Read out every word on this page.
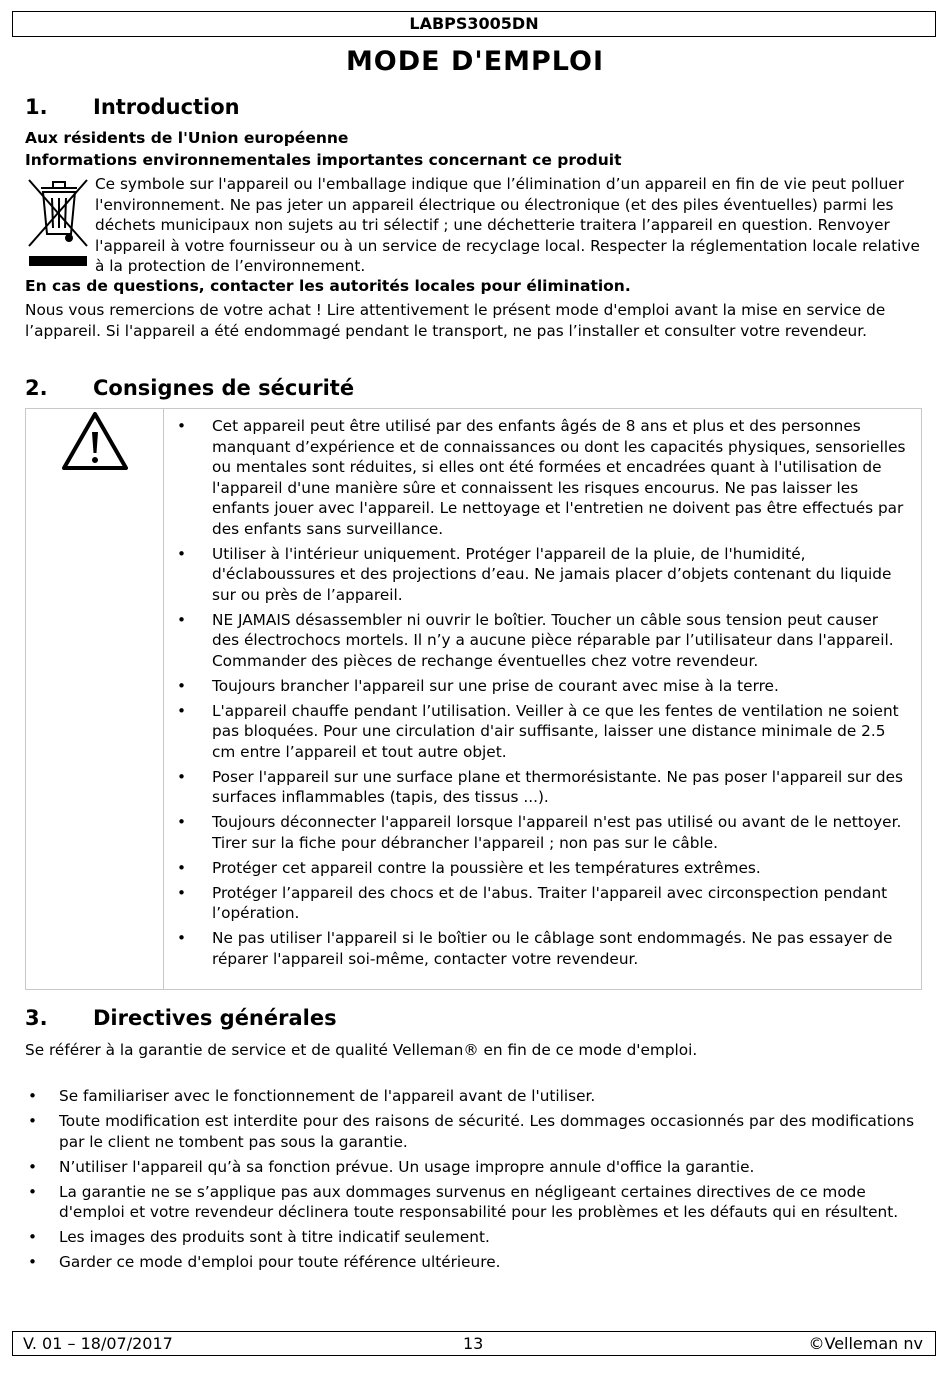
LABPS3005DN
MODE D'EMPLOI
1. Introduction
Aux résidents de l'Union européenne
Informations environnementales importantes concernant ce produit
Ce symbole sur l'appareil ou l'emballage indique que l’élimination d’un appareil en fin de vie peut polluer l'environnement. Ne pas jeter un appareil électrique ou électronique (et des piles éventuelles) parmi les déchets municipaux non sujets au tri sélectif ; une déchetterie traitera l’appareil en question. Renvoyer l'appareil à votre fournisseur ou à un service de recyclage local. Respecter la réglementation locale relative à la protection de l’environnement.
En cas de questions, contacter les autorités locales pour élimination.
Nous vous remercions de votre achat ! Lire attentivement le présent mode d'emploi avant la mise en service de l’appareil. Si l'appareil a été endommagé pendant le transport, ne pas l’installer et consulter votre revendeur.
2. Consignes de sécurité

• Cet appareil peut être utilisé par des enfants âgés de 8 ans et plus et des personnes manquant d’expérience et de connaissances ou dont les capacités physiques, sensorielles ou mentales sont réduites, si elles ont été formées et encadrées quant à l'utilisation de l'appareil d'une manière sûre et connaissent les risques encourus. Ne pas laisser les enfants jouer avec l'appareil. Le nettoyage et l'entretien ne doivent pas être effectués par des enfants sans surveillance.
• Utiliser à l'intérieur uniquement. Protéger l'appareil de la pluie, de l'humidité, d'éclaboussures et des projections d’eau. Ne jamais placer d’objets contenant du liquide sur ou près de l’appareil.
• NE JAMAIS désassembler ni ouvrir le boîtier. Toucher un câble sous tension peut causer des électrochocs mortels. Il n’y a aucune pièce réparable par l’utilisateur dans l'appareil. Commander des pièces de rechange éventuelles chez votre revendeur.
• Toujours brancher l'appareil sur une prise de courant avec mise à la terre.
• L'appareil chauffe pendant l’utilisation. Veiller à ce que les fentes de ventilation ne soient pas bloquées. Pour une circulation d'air suffisante, laisser une distance minimale de 2.5 cm entre l’appareil et tout autre objet.
• Poser l'appareil sur une surface plane et thermorésistante. Ne pas poser l'appareil sur des surfaces inflammables (tapis, des tissus ...).
• Toujours déconnecter l'appareil lorsque l'appareil n'est pas utilisé ou avant de le nettoyer. Tirer sur la fiche pour débrancher l'appareil ; non pas sur le câble.
• Protéger cet appareil contre la poussière et les températures extrêmes.
• Protéger l’appareil des chocs et de l'abus. Traiter l'appareil avec circonspection pendant l’opération.
• Ne pas utiliser l'appareil si le boîtier ou le câblage sont endommagés. Ne pas essayer de réparer l'appareil soi-même, contacter votre revendeur.
3. Directives générales
Se référer à la garantie de service et de qualité Velleman® en fin de ce mode d'emploi.
• Se familiariser avec le fonctionnement de l'appareil avant de l'utiliser.
• Toute modification est interdite pour des raisons de sécurité. Les dommages occasionnés par des modifications par le client ne tombent pas sous la garantie.
• N’utiliser l'appareil qu’à sa fonction prévue. Un usage impropre annule d'office la garantie.
• La garantie ne se s’applique pas aux dommages survenus en négligeant certaines directives de ce mode d'emploi et votre revendeur déclinera toute responsabilité pour les problèmes et les défauts qui en résultent.
• Les images des produits sont à titre indicatif seulement.
• Garder ce mode d'emploi pour toute référence ultérieure.
V. 01 – 18/07/2017	13	©Velleman nv
